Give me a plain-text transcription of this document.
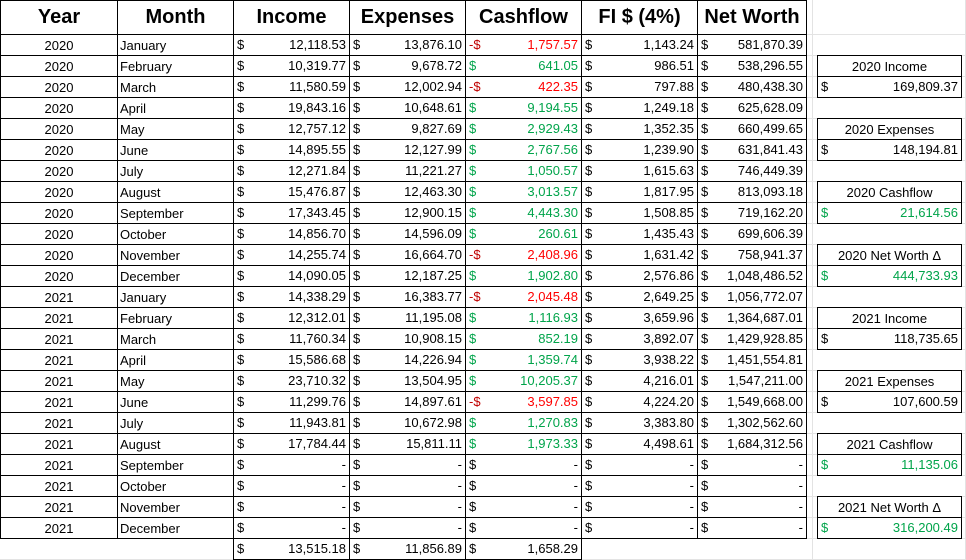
Year	Month	Income	Expenses	Cashflow	FI $ (4%)	Net Worth
2020	January	$ 12,118.53	$ 13,876.10	-$ 1,757.57	$ 1,143.24	$ 581,870.39

2020	February	$ 10,319.77	$ 9,678.72	$ 641.05	$ 986.51	$ 538,296.55

2020	March	$ 11,580.59	$ 12,002.94	-$ 422.35	$ 797.88	$ 480,438.30

2020	April	$ 19,843.16	$ 10,648.61	$ 9,194.55	$ 1,249.18	$ 625,628.09

2020	May	$ 12,757.12	$ 9,827.69	$ 2,929.43	$ 1,352.35	$ 660,499.65

2020	June	$ 14,895.55	$ 12,127.99	$ 2,767.56	$ 1,239.90	$ 631,841.43

2020	July	$ 12,271.84	$ 11,221.27	$ 1,050.57	$ 1,615.63	$ 746,449.39

2020	August	$ 15,476.87	$ 12,463.30	$ 3,013.57	$ 1,817.95	$ 813,093.18

2020	September	$ 17,343.45	$ 12,900.15	$ 4,443.30	$ 1,508.85	$ 719,162.20

2020	October	$ 14,856.70	$ 14,596.09	$ 260.61	$ 1,435.43	$ 699,606.39

2020	November	$ 14,255.74	$ 16,664.70	-$ 2,408.96	$ 1,631.42	$ 758,941.37

2020	December	$ 14,090.05	$ 12,187.25	$ 1,902.80	$ 2,576.86	$ 1,048,486.52

2021	January	$ 14,338.29	$ 16,383.77	-$ 2,045.48	$ 2,649.25	$ 1,056,772.07

2021	February	$ 12,312.01	$ 11,195.08	$ 1,116.93	$ 3,659.96	$ 1,364,687.01

2021	March	$ 11,760.34	$ 10,908.15	$ 852.19	$ 3,892.07	$ 1,429,928.85

2021	April	$ 15,586.68	$ 14,226.94	$ 1,359.74	$ 3,938.22	$ 1,451,554.81

2021	May	$ 23,710.32	$ 13,504.95	$ 10,205.37	$ 4,216.01	$ 1,547,211.00

2021	June	$ 11,299.76	$ 14,897.61	-$ 3,597.85	$ 4,224.20	$ 1,549,668.00

2021	July	$ 11,943.81	$ 10,672.98	$ 1,270.83	$ 3,383.80	$ 1,302,562.60

2021	August	$ 17,784.44	$ 15,811.11	$ 1,973.33	$ 4,498.61	$ 1,684,312.56

2021	September	$ -	$ -	$ -	$ -	$ -

2021	October	$ -	$ -	$ -	$ -	$ -

2021	November	$ -	$ -	$ -	$ -	$ -

2021	December	$ -	$ -	$ -	$ -	$ -

		$ 13,515.18	$ 11,856.89	$ 1,658.29		

2020 Income

$	169,809.37
2020 Expenses

$	148,194.81
2020 Cashflow

$	21,614.56
2020 Net Worth Δ

$	444,733.93
2021 Income

$	118,735.65
2021 Expenses

$	107,600.59
2021 Cashflow

$	11,135.06
2021 Net Worth Δ

$	316,200.49
